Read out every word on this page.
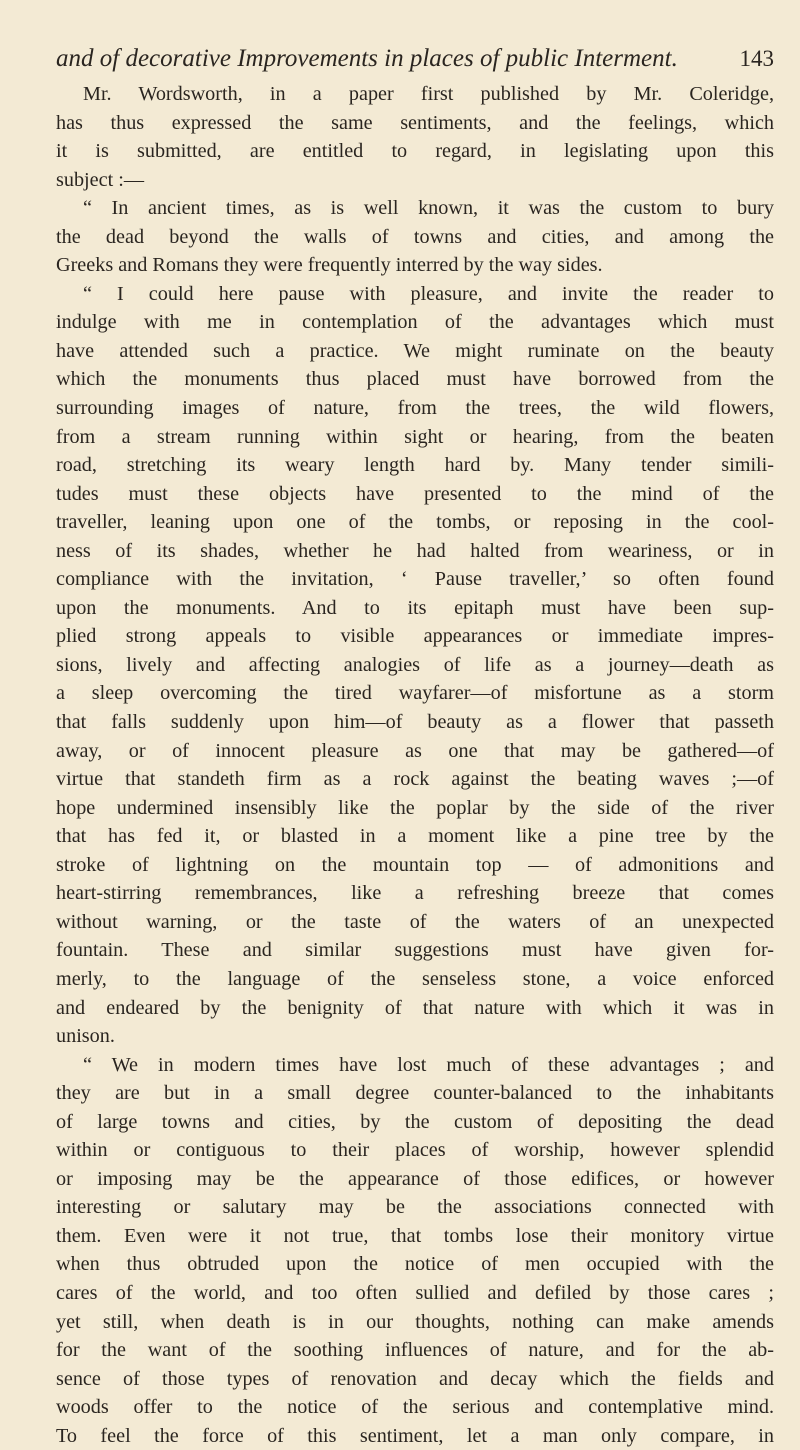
and of decorative Improvements in places of public Interment.	143
Mr. Wordsworth, in a paper first published by Mr. Coleridge,
has thus expressed the same sentiments, and the feelings, which
it is submitted, are entitled to regard, in legislating upon this
subject :—
“ In ancient times, as is well known, it was the custom to bury
the dead beyond the walls of towns and cities, and among the
Greeks and Romans they were frequently interred by the way sides.
“ I could here pause with pleasure, and invite the reader to
indulge with me in contemplation of the advantages which must
have attended such a practice. We might ruminate on the beauty
which the monuments thus placed must have borrowed from the
surrounding images of nature, from the trees, the wild flowers,
from a stream running within sight or hearing, from the beaten
road, stretching its weary length hard by. Many tender simili-
tudes must these objects have presented to the mind of the
traveller, leaning upon one of the tombs, or reposing in the cool-
ness of its shades, whether he had halted from weariness, or in
compliance with the invitation, ‘ Pause traveller,’ so often found
upon the monuments. And to its epitaph must have been sup-
plied strong appeals to visible appearances or immediate impres-
sions, lively and affecting analogies of life as a journey—death as
a sleep overcoming the tired wayfarer—of misfortune as a storm
that falls suddenly upon him—of beauty as a flower that passeth
away, or of innocent pleasure as one that may be gathered—of
virtue that standeth firm as a rock against the beating waves ;—of
hope undermined insensibly like the poplar by the side of the river
that has fed it, or blasted in a moment like a pine tree by the
stroke of lightning on the mountain top — of admonitions and
heart-stirring remembrances, like a refreshing breeze that comes
without warning, or the taste of the waters of an unexpected
fountain. These and similar suggestions must have given for-
merly, to the language of the senseless stone, a voice enforced
and endeared by the benignity of that nature with which it was in
unison.
“ We in modern times have lost much of these advantages ; and
they are but in a small degree counter-balanced to the inhabitants
of large towns and cities, by the custom of depositing the dead
within or contiguous to their places of worship, however splendid
or imposing may be the appearance of those edifices, or however
interesting or salutary may be the associations connected with
them. Even were it not true, that tombs lose their monitory virtue
when thus obtruded upon the notice of men occupied with the
cares of the world, and too often sullied and defiled by those cares ;
yet still, when death is in our thoughts, nothing can make amends
for the want of the soothing influences of nature, and for the ab-
sence of those types of renovation and decay which the fields and
woods offer to the notice of the serious and contemplative mind.
To feel the force of this sentiment, let a man only compare, in
